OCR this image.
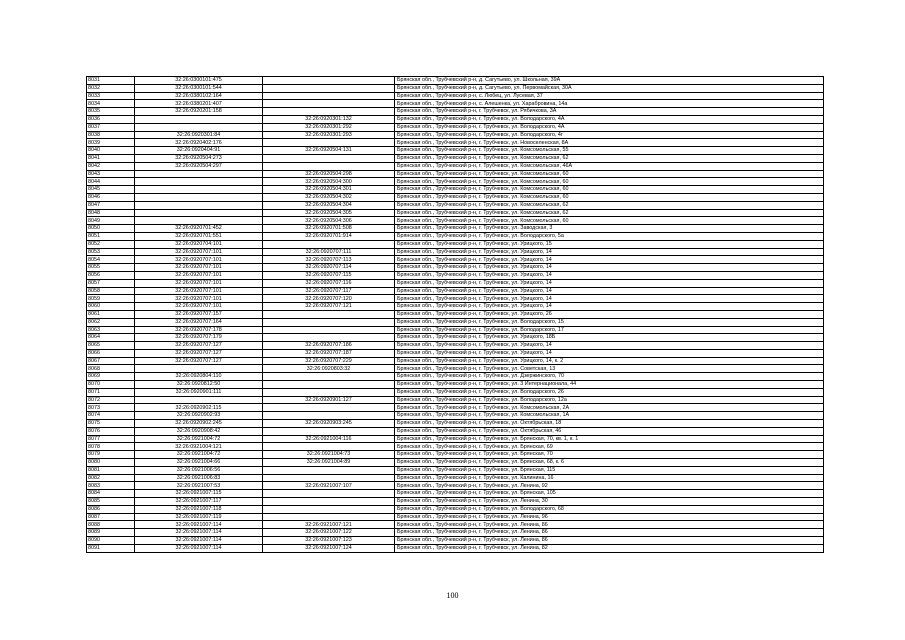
8031	32:26:0300101:475		Брянская обл., Трубчевский р-н, д. Сагутьево, ул. Школьная, 39А
8032	32:26:0300101:544		Брянская обл., Трубчевский р-н, д. Сагутьево, ул. Первомайская, 30А
8033	32:26:0380102:164		Брянская обл., Трубчевский р-н, с. Любец, ул. Лусевая, 37
8034	32:26:0380201:407		Брянская обл., Трубчевский р-н, с. Алешенка, ул. Харабровина, 14а
8035	32:26:0920201:158		Брянская обл., Трубчевский р-н, г. Трубчевск, ул. Рябичкова, 3А
8036		32:26:0920301:132	Брянская обл., Трубчевский р-н, г. Трубчевск, ул. Володарского, 4А
8037		32:26:0920301:292	Брянская обл., Трубчевский р-н, г. Трубчевск, ул. Володарского, 4А
8038	32:26:0920301:84	32:26:0920301:293	Брянская обл., Трубчевский р-н, г. Трубчевск, ул. Володарского, 4г
8039	32:26:0920402:176		Брянская обл., Трубчевский р-н, г. Трубчевск, ул. Новоселенская, 8А
8040	32:26:0920404:91	32:26:0920504:131	Брянская обл., Трубчевский р-н, г. Трубчевск, ул. Комсомольская, 55
8041	32:26:0920504:273		Брянская обл., Трубчевский р-н, г. Трубчевск, ул. Комсомольская, 62
8042	32:26:0920504:297		Брянская обл., Трубчевский р-н, г. Трубчевск, ул. Комсомольская, 46А
8043		32:26:0920504:298	Брянская обл., Трубчевский р-н, г. Трубчевск, ул. Комсомольская, 60
8044		32:26:0920504:300	Брянская обл., Трубчевский р-н, г. Трубчевск, ул. Комсомольская, 60
8045		32:26:0920504:301	Брянская обл., Трубчевский р-н, г. Трубчевск, ул. Комсомольская, 60
8046		32:26:0920504:302	Брянская обл., Трубчевский р-н, г. Трубчевск, ул. Комсомольская, 60
8047		32:26:0920504:304	Брянская обл., Трубчевский р-н, г. Трубчевск, ул. Комсомольская, 62
8048		32:26:0920504:305	Брянская обл., Трубчевский р-н, г. Трубчевск, ул. Комсомольская, 62
8049		32:26:0920504:306	Брянская обл., Трубчевский р-н, г. Трубчевск, ул. Комсомольская, 60
8050	32:26:0920701:452	32:26:0920701:508	Брянская обл., Трубчевский р-н, г. Трубчевск, ул. Заводская, 3
8051	32:26:0920701:551	32:26:0920701:914	Брянская обл., Трубчевский р-н, г. Трубчевск, ул. Володарского, 5а
8052	32:26:0920704:101		Брянская обл., Трубчевский р-н, г. Трубчевск, ул. Урицкого, 15
8053	32:26:0920707:101	32:26:0920707:111	Брянская обл., Трубчевский р-н, г. Трубчевск, ул. Урицкого, 14
8054	32:26:0920707:101	32:26:0920707:113	Брянская обл., Трубчевский р-н, г. Трубчевск, ул. Урицкого, 14
8055	32:26:0920707:101	32:26:0920707:114	Брянская обл., Трубчевский р-н, г. Трубчевск, ул. Урицкого, 14
8056	32:26:0920707:101	32:26:0920707:115	Брянская обл., Трубчевский р-н, г. Трубчевск, ул. Урицкого, 14
8057	32:26:0920707:101	32:26:0920707:116	Брянская обл., Трубчевский р-н, г. Трубчевск, ул. Урицкого, 14
8058	32:26:0920707:101	32:26:0920707:117	Брянская обл., Трубчевский р-н, г. Трубчевск, ул. Урицкого, 14
8059	32:26:0920707:101	32:26:0920707:120	Брянская обл., Трубчевский р-н, г. Трубчевск, ул. Урицкого, 14
8060	32:26:0920707:101	32:26:0920707:121	Брянская обл., Трубчевский р-н, г. Трубчевск, ул. Урицкого, 14
8061	32:26:0920707:157		Брянская обл., Трубчевский р-н, г. Трубчевск, ул. Урицкого, 26
8062	32:26:0920707:164		Брянская обл., Трубчевский р-н, г. Трубчевск, ул. Володарского, 15
8063	32:26:0920707:178		Брянская обл., Трубчевский р-н, г. Трубчевск, ул. Володарского, 17
8064	32:26:0920707:179		Брянская обл., Трубчевский р-н, г. Трубчевск, ул. Урицкого, 18Б
8065	32:26:0920707:127	32:26:0920707:186	Брянская обл., Трубчевский р-н, г. Трубчевск, ул. Урицкого, 14
8066	32:26:0920707:127	32:26:0920707:187	Брянская обл., Трубчевский р-н, г. Трубчевск, ул. Урицкого, 14
8067	32:26:0920707:127	32:26:0920707:229	Брянская обл., Трубчевский р-н, г. Трубчевск, ул. Урицкого, 14, к. 2
8068		32:26:0920803:32	Брянская обл., Трубчевский р-н, г. Трубчевск, ул. Советская, 13
8069	32:26:0920804:110		Брянская обл., Трубчевский р-н, г. Трубчевск, ул. Дзержинского, 70
8070	32:26:0920812:50		Брянская обл., Трубчевский р-н, г. Трубчевск, ул. 3 Интернационала, 44
8071	32:26:0920901:111		Брянская обл., Трубчевский р-н, г. Трубчевск, ул. Володарского, 26
8072		32:26:0920901:127	Брянская обл., Трубчевский р-н, г. Трубчевск, ул. Володарского, 12а
8073	32:26:0920902:115		Брянская обл., Трубчевский р-н, г. Трубчевск, ул. Комсомольская, 2А
8074	32:26:0920902:93		Брянская обл., Трубчевский р-н, г. Трубчевск, ул. Комсомольская, 1А
8075	32:26:0920902:245	32:26:0920903:245	Брянская обл., Трубчевский р-н, г. Трубчевск, ул. Октябрьская, 18
8076	32:26:0920908:42		Брянская обл., Трубчевский р-н, г. Трубчевск, ул. Октябрьская, 46
8077	32:26:0921004:72	32:26:0921004:116	Брянская обл., Трубчевский р-н, г. Трубчевск, ул. Брянская, 70, кв. 1, к. 1
8078	32:26:0921004:121		Брянская обл., Трубчевский р-н, г. Трубчевск, ул. Брянская, 69
8079	32:26:0921004:72	32:26:0921004:73	Брянская обл., Трубчевский р-н, г. Трубчевск, ул. Брянская, 70
8080	32:26:0921004:66	32:26:0921004:89	Брянская обл., Трубчевский р-н, г. Трубчевск, ул. Брянская, 68, к. 6
8081	32:26:0921006:56		Брянская обл., Трубчевский р-н, г. Трубчевск, ул. Брянская, 115
8082	32:26:0921006:83		Брянская обл., Трубчевский р-н, г. Трубчевск, ул. Калинина, 16
8083	32:26:0921007:53	32:26:0921007:107	Брянская обл., Трубчевский р-н, г. Трубчевск, ул. Ленина, 92
8084	32:26:0921007:115		Брянская обл., Трубчевский р-н, г. Трубчевск, ул. Брянская, 105
8085	32:26:0921007:117		Брянская обл., Трубчевский р-н, г. Трубчевск, ул. Ленина, 30
8086	32:26:0921007:118		Брянская обл., Трубчевский р-н, г. Трубчевск, ул. Володарского, 68
8087	32:26:0921007:119		Брянская обл., Трубчевский р-н, г. Трубчевск, ул. Ленина, 96
8088	32:26:0921007:114	32:26:0921007:121	Брянская обл., Трубчевский р-н, г. Трубчевск, ул. Ленина, 86
8089	32:26:0921007:114	32:26:0921007:122	Брянская обл., Трубчевский р-н, г. Трубчевск, ул. Ленина, 86
8090	32:26:0921007:114	32:26:0921007:123	Брянская обл., Трубчевский р-н, г. Трубчевск, ул. Ленина, 86
8091	32:26:0921007:114	32:26:0921007:124	Брянская обл., Трубчевский р-н, г. Трубчевск, ул. Ленина, 82
100
